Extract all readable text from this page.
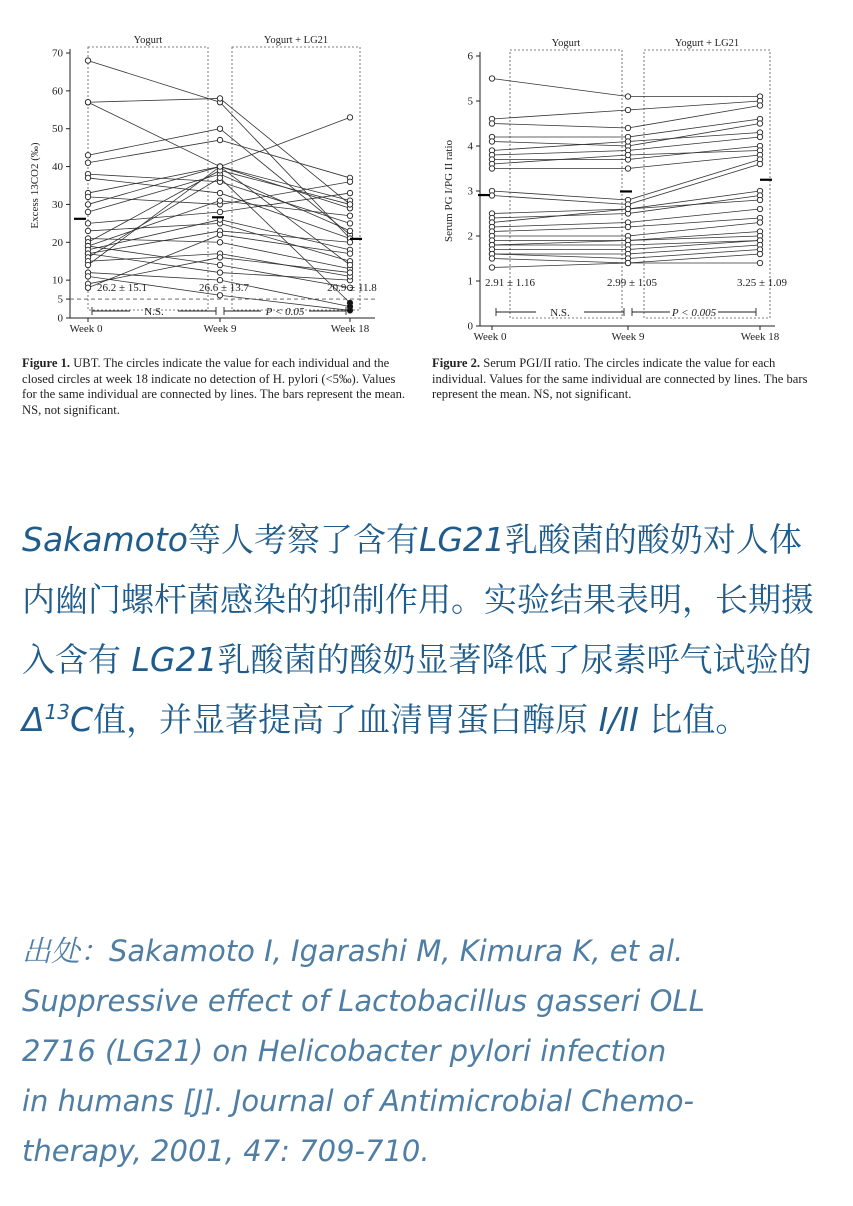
Yogurt	Yogurt + LG21
0
5
10
20
30
40
50
60
70
Week 0	Week 9	Week 18
Excess 13CO2 (‰)
26.2 ± 15.1	26.6 ± 13.7	20.9 ± 11.8
N.S.	P < 0.05
Figure 1. UBT. The circles indicate the value for each individual and the closed circles at week 18 indicate no detection of H. pylori (<5‰). Values for the same individual are connected by lines. The bars represent the mean. NS, not significant.
Yogurt	Yogurt + LG21
0
1
2
3
4
5
6
Week 0	Week 9	Week 18
Serum PG I/PG II ratio
2.91 ± 1.16	2.99 ± 1.05	3.25 ± 1.09
N.S.	P < 0.005
Figure 2. Serum PGI/II ratio. The circles indicate the value for each individual. Values for the same individual are connected by lines. The bars represent the mean. NS, not significant.
Sakamoto等人考察了含有LG21乳酸菌的酸奶对人体内幽门螺杆菌感染的抑制作用。实验结果表明，长期摄入含有 LG21乳酸菌的酸奶显著降低了尿素呼气试验的$\Delta^{13}C$值，并显著提高了血清胃蛋白酶原 I/II 比值。
出处：Sakamoto I, Igarashi M, Kimura K, et al.
Suppressive effect of Lactobacillus gasseri OLL
2716 (LG21) on Helicobacter pylori infection
in humans [J]. Journal of Antimicrobial Chemo-
therapy, 2001, 47: 709-710.
